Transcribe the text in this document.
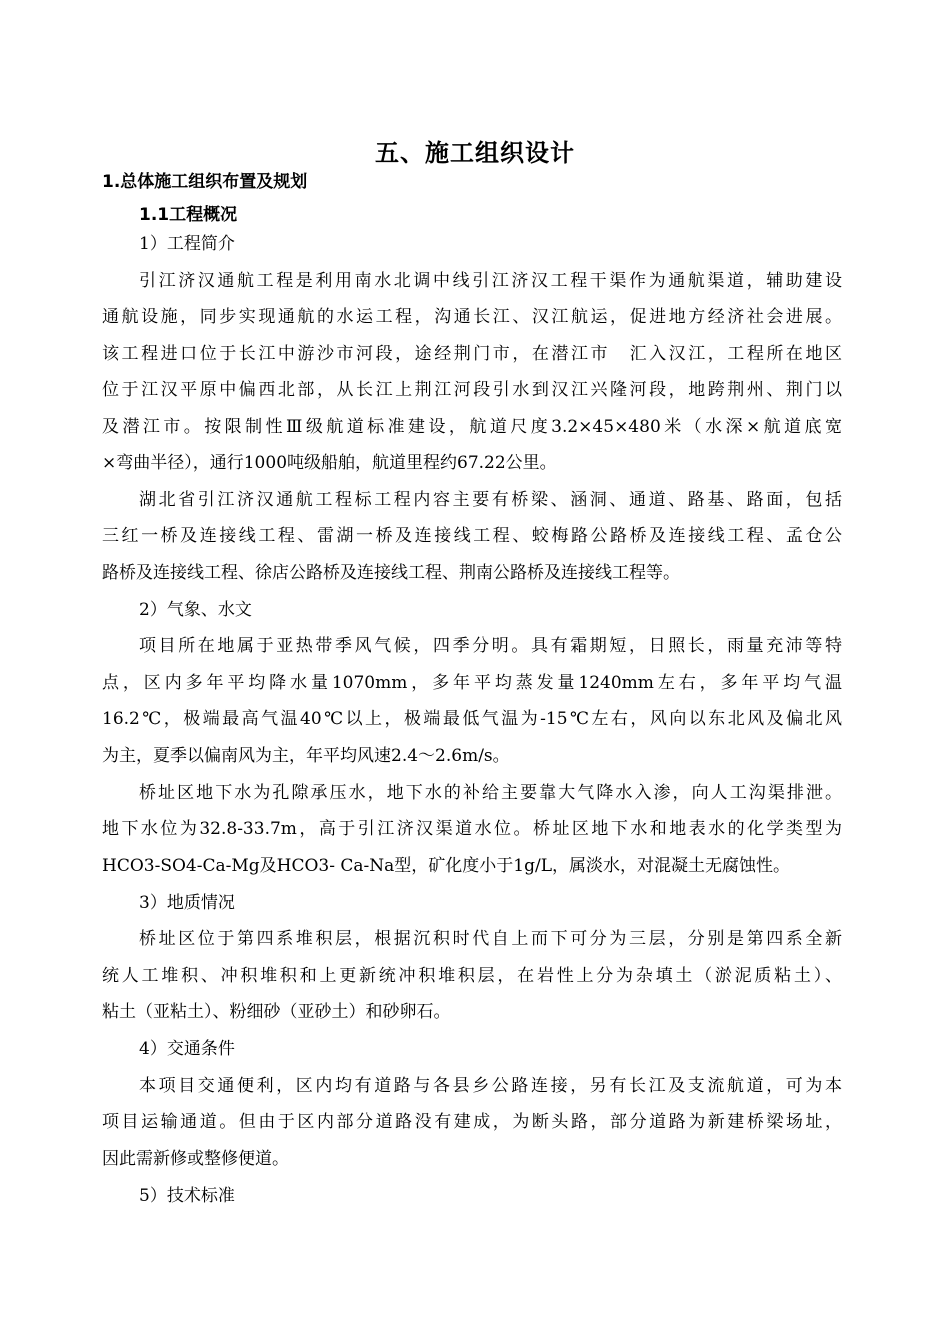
五、施工组织设计
1.总体施工组织布置及规划
1.1工程概况
1）工程简介
引江济汉通航工程是利用南水北调中线引江济汉工程干渠作为通航渠道，辅助建设
通航设施，同步实现通航的水运工程，沟通长江、汉江航运，促进地方经济社会进展。
该工程进口位于长江中游沙市河段，途经荆门市，在潜江市　汇入汉江，工程所在地区
位于江汉平原中偏西北部，从长江上荆江河段引水到汉江兴隆河段，地跨荆州、荆门以
及潜江市。按限制性Ⅲ级航道标准建设，航道尺度3.2×45×480米（水深×航道底宽
×弯曲半径），通行1000吨级船舶，航道里程约67.22公里。
湖北省引江济汉通航工程标工程内容主要有桥梁、涵洞、通道、路基、路面，包括
三红一桥及连接线工程、雷湖一桥及连接线工程、蛟梅路公路桥及连接线工程、孟仓公
路桥及连接线工程、徐店公路桥及连接线工程、荆南公路桥及连接线工程等。
2）气象、水文
项目所在地属于亚热带季风气候，四季分明。具有霜期短，日照长，雨量充沛等特
点，区内多年平均降水量1070mm，多年平均蒸发量1240mm左右，多年平均气温
16.2℃，极端最高气温40℃以上，极端最低气温为-15℃左右，风向以东北风及偏北风
为主，夏季以偏南风为主，年平均风速2.4～2.6m/s。
桥址区地下水为孔隙承压水，地下水的补给主要靠大气降水入渗，向人工沟渠排泄。
地下水位为32.8-33.7m，高于引江济汉渠道水位。桥址区地下水和地表水的化学类型为
HCO3-SO4-Ca-Mg及HCO3- Ca-Na型，矿化度小于1g/L，属淡水，对混凝土无腐蚀性。
3）地质情况
桥址区位于第四系堆积层，根据沉积时代自上而下可分为三层，分别是第四系全新
统人工堆积、冲积堆积和上更新统冲积堆积层，在岩性上分为杂填土（淤泥质粘土）、
粘土（亚粘土）、粉细砂（亚砂土）和砂卵石。
4）交通条件
本项目交通便利，区内均有道路与各县乡公路连接，另有长江及支流航道，可为本
项目运输通道。但由于区内部分道路没有建成，为断头路，部分道路为新建桥梁场址，
因此需新修或整修便道。
5）技术标准
